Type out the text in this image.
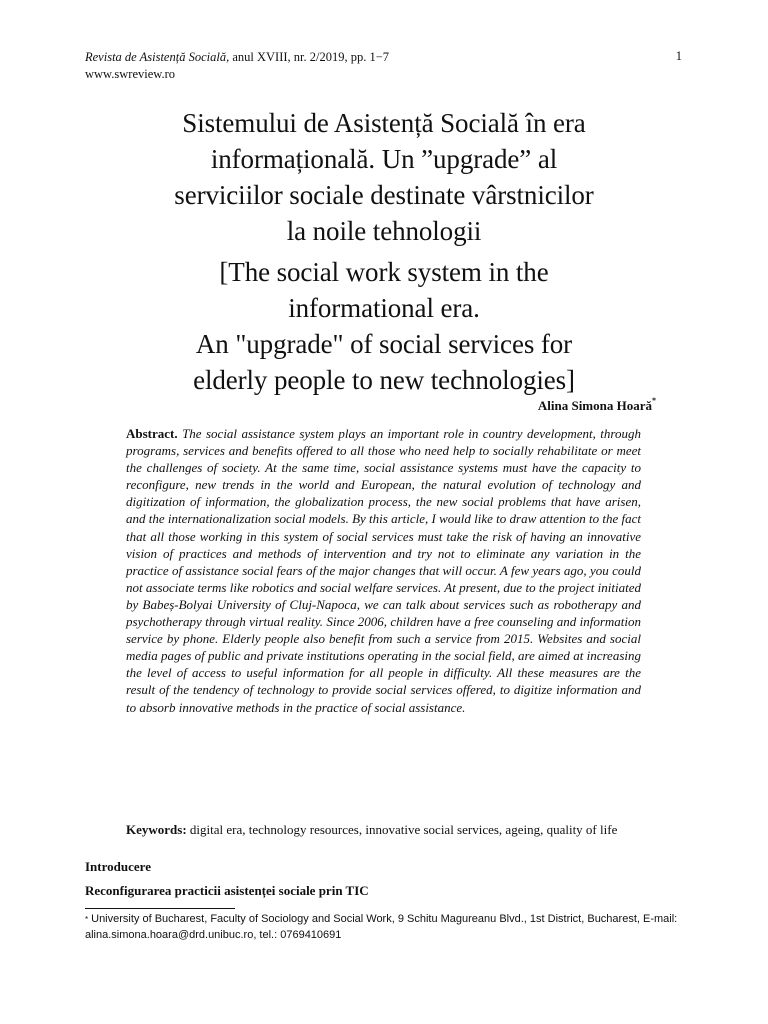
Revista de Asistență Socială, anul XVIII, nr. 2/2019, pp. 1−7
www.swreview.ro
1
Sistemului de Asistență Socială în era
informațională. Un ”upgrade” al
serviciilor sociale destinate vârstnicilor
la noile tehnologii
[The social work system in the
informational era.
An "upgrade" of social services for
elderly people to new technologies]
Alina Simona Hoară*
Abstract. The social assistance system plays an important role in country development, through programs, services and benefits offered to all those who need help to socially rehabilitate or meet the challenges of society. At the same time, social assistance systems must have the capacity to reconfigure, new trends in the world and European, the natural evolution of technology and digitization of information, the globalization process, the new social problems that have arisen, and the internationalization social models. By this article, I would like to draw attention to the fact that all those working in this system of social services must take the risk of having an innovative vision of practices and methods of intervention and try not to eliminate any variation in the practice of assistance social fears of the major changes that will occur. A few years ago, you could not associate terms like robotics and social welfare services. At present, due to the project initiated by Babeș-Bolyai University of Cluj-Napoca, we can talk about services such as robotherapy and psychotherapy through virtual reality. Since 2006, children have a free counseling and information service by phone. Elderly people also benefit from such a service from 2015. Websites and social media pages of public and private institutions operating in the social field, are aimed at increasing the level of access to useful information for all people in difficulty. All these measures are the result of the tendency of technology to provide social services offered, to digitize information and to absorb innovative methods in the practice of social assistance.
Keywords: digital era, technology resources, innovative social services, ageing, quality of life
Introducere
Reconfigurarea practicii asistenței sociale prin TIC
* University of Bucharest, Faculty of Sociology and Social Work, 9 Schitu Magureanu Blvd., 1st District, Bucharest, E-mail: alina.simona.hoara@drd.unibuc.ro, tel.: 0769410691
